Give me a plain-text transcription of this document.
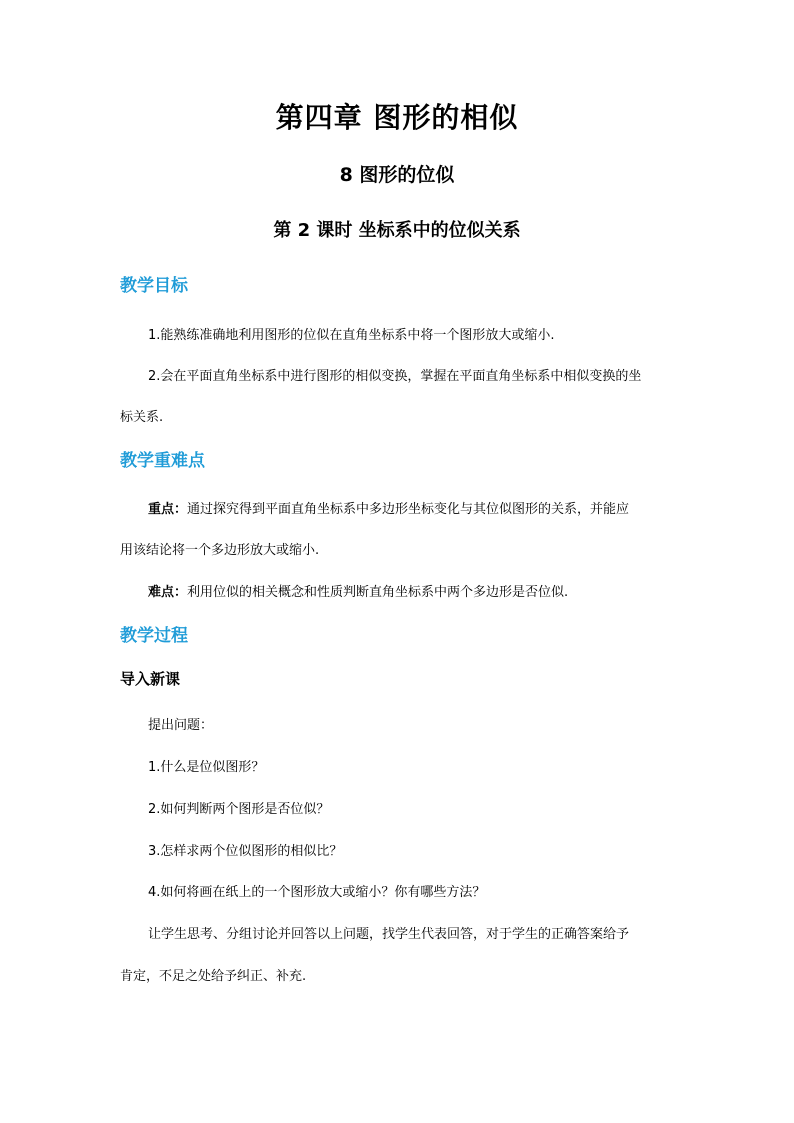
第四章 图形的相似
8 图形的位似
第 2 课时 坐标系中的位似关系
教学目标
1.能熟练准确地利用图形的位似在直角坐标系中将一个图形放大或缩小.
2.会在平面直角坐标系中进行图形的相似变换，掌握在平面直角坐标系中相似变换的坐
标关系.
教学重难点
重点：通过探究得到平面直角坐标系中多边形坐标变化与其位似图形的关系，并能应
用该结论将一个多边形放大或缩小.
难点：利用位似的相关概念和性质判断直角坐标系中两个多边形是否位似.
教学过程
导入新课
提出问题：
1.什么是位似图形？
2.如何判断两个图形是否位似？
3.怎样求两个位似图形的相似比？
4.如何将画在纸上的一个图形放大或缩小？你有哪些方法？
让学生思考、分组讨论并回答以上问题，找学生代表回答，对于学生的正确答案给予
肯定，不足之处给予纠正、补充.
